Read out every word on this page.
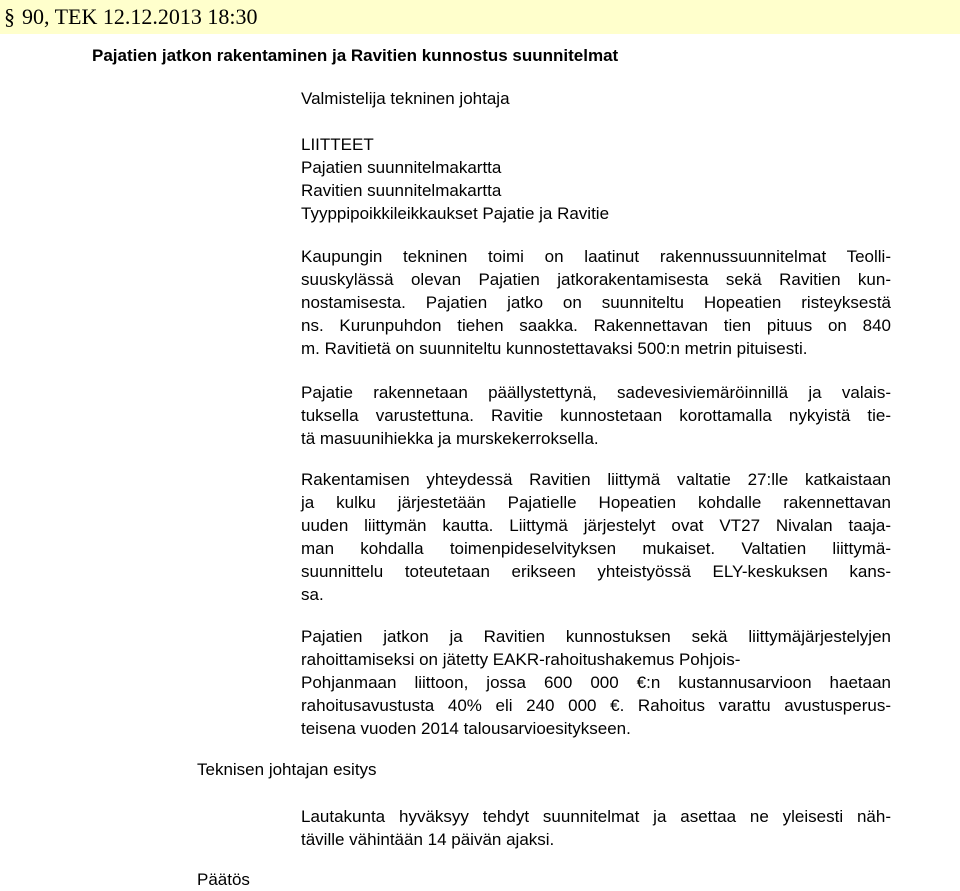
§ 90, TEK 12.12.2013 18:30
Pajatien jatkon rakentaminen ja Ravitien kunnostus suunnitelmat
Valmistelija tekninen johtaja
LIITTEET
Pajatien suunnitelmakartta
Ravitien suunnitelmakartta
Tyyppipoikkileikkaukset Pajatie ja Ravitie
Kaupungin tekninen toimi on laatinut rakennussuunnitelmat Teolli-
suuskylässä olevan Pajatien jatkorakentamisesta sekä Ravitien kun-
nostamisesta. Pajatien jatko on suunniteltu Hopeatien risteyksestä
ns. Kurunpuhdon tiehen saakka. Rakennettavan tien pituus on 840
m. Ravitietä on suunniteltu kunnostettavaksi 500:n metrin pituisesti.
Pajatie rakennetaan päällystettynä, sadevesiviemäröinnillä ja valais-
tuksella varustettuna. Ravitie kunnostetaan korottamalla nykyistä tie-
tä masuunihiekka ja murskekerroksella.
Rakentamisen yhteydessä Ravitien liittymä valtatie 27:lle katkaistaan
ja kulku järjestetään Pajatielle Hopeatien kohdalle rakennettavan
uuden liittymän kautta. Liittymä järjestelyt ovat VT27 Nivalan taaja-
man kohdalla toimenpideselvityksen mukaiset. Valtatien liittymä-
suunnittelu toteutetaan erikseen yhteistyössä ELY-keskuksen kans-
sa.
Pajatien jatkon ja Ravitien kunnostuksen sekä liittymäjärjestelyjen
rahoittamiseksi on jätetty EAKR-rahoitushakemus Pohjois-
Pohjanmaan liittoon, jossa 600 000 €:n kustannusarvioon haetaan
rahoitusavustusta 40% eli 240 000 €. Rahoitus varattu avustusperus-
teisena vuoden 2014 talousarvioesitykseen.
Teknisen johtajan esitys
Lautakunta hyväksyy tehdyt suunnitelmat ja asettaa ne yleisesti näh-
täville vähintään 14 päivän ajaksi.
Päätös
